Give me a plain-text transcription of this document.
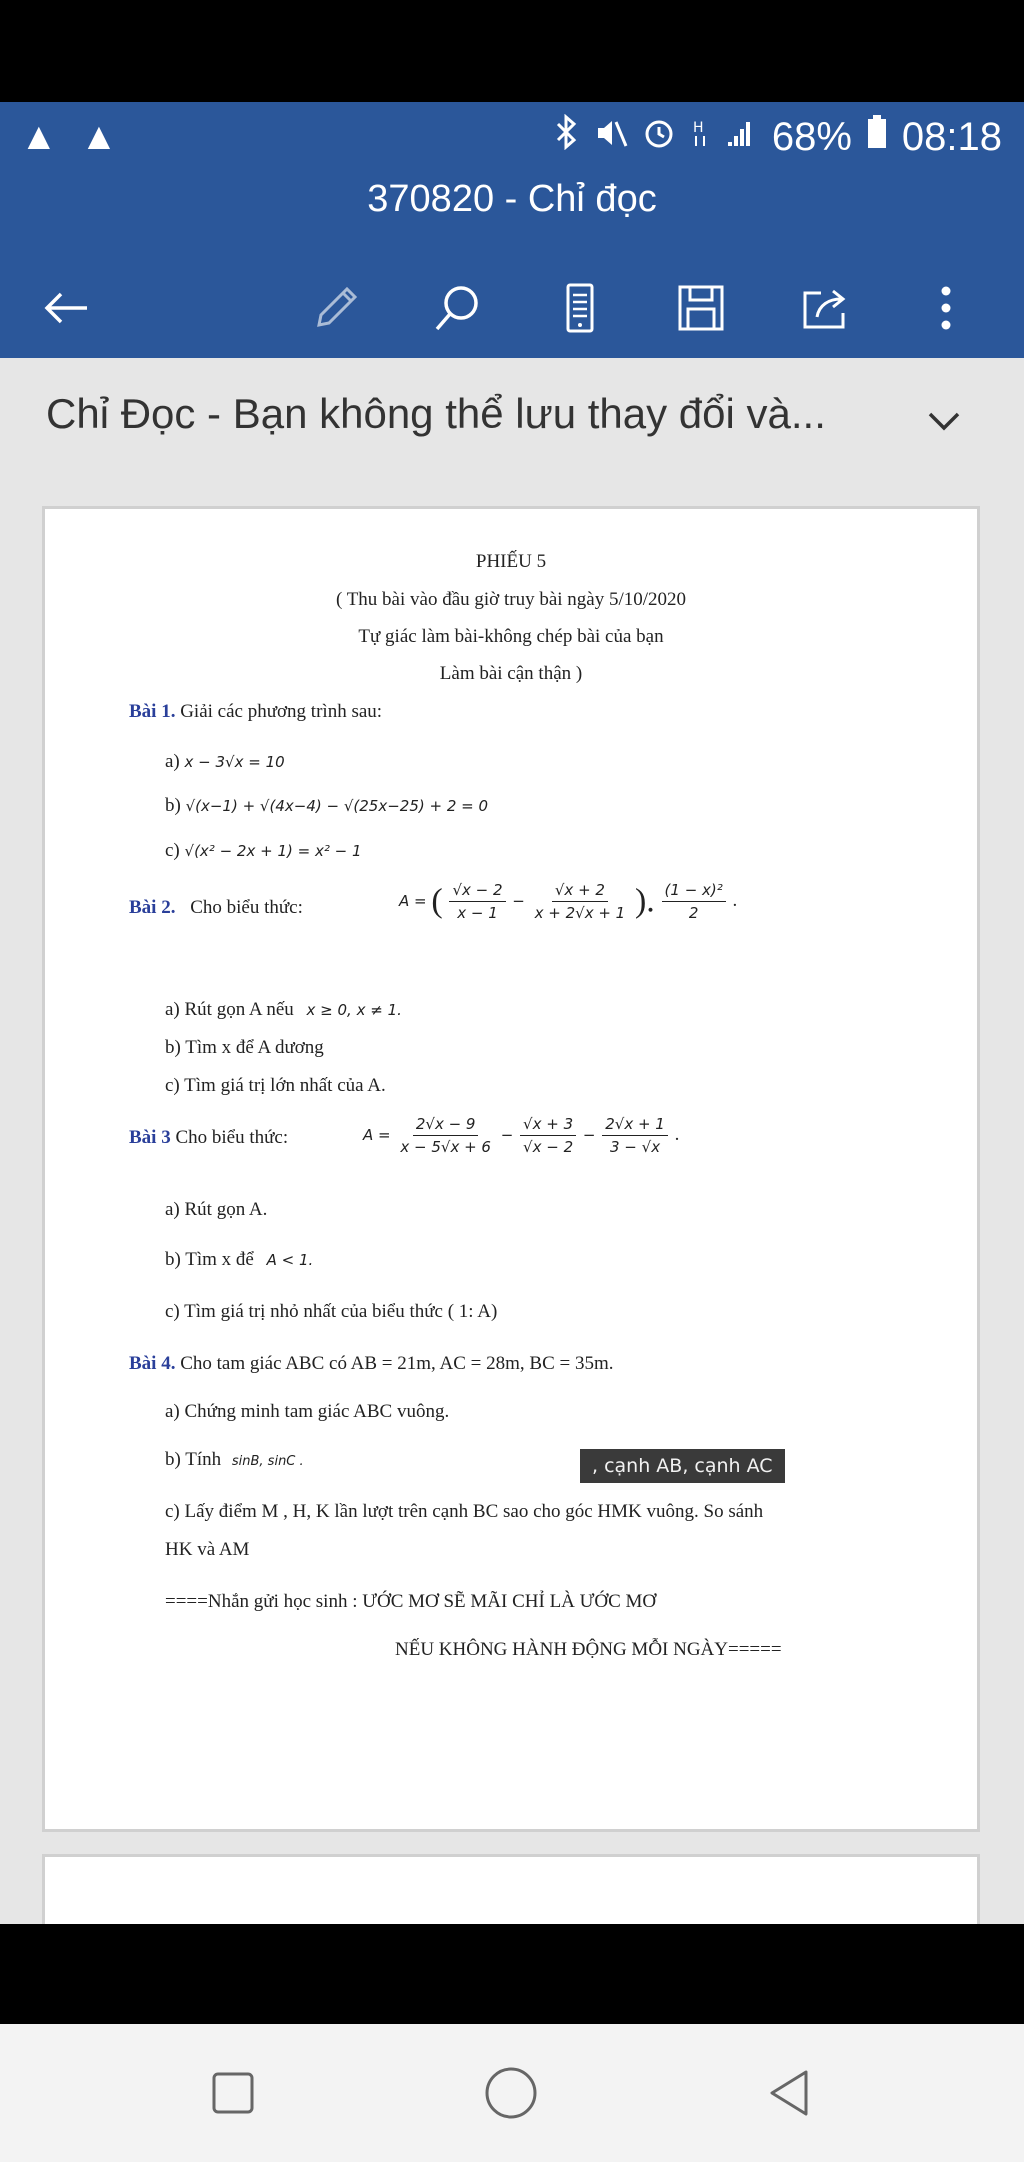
▲ ▲	H 68% 08:18
370820 - Chỉ đọc
Chỉ Đọc - Bạn không thể lưu thay đổi và...
PHIẾU 5
( Thu bài vào đầu giờ truy bài ngày 5/10/2020
Tự giác làm bài-không chép bài của bạn
Làm bài cận thận )
Bài 1. Giải các phương trình sau:
a) x − 3√x = 10
b) √(x−1) + √(4x−4) − √(25x−25) + 2 = 0
c) √(x² − 2x + 1) = x² − 1
Bài 2. Cho biểu thức:	A = ( $\frac{√x - 2}{x - 1} - \frac{√x + 2}{x + 2√x + 1}$ ). $\frac{\text{(1 − x)²}}{2}$ .
a) Rút gọn A nếu x ≥ 0, x ≠ 1.
b) Tìm x để A dương
c) Tìm giá trị lớn nhất của A.
Bài 3 Cho biểu thức:	$A = \frac{2√x - 9}{x - 5√x + 6} - \frac{√x + 3}{√x - 2} - \frac{2√x + 1}{3 - √x}$ .
a) Rút gọn A.
b) Tìm x để A < 1.
c) Tìm giá trị nhỏ nhất của biểu thức ( 1: A)
Bài 4. Cho tam giác ABC có AB = 21m, AC = 28m, BC = 35m.
a) Chứng minh tam giác ABC vuông.
b) Tính sinB, sinC .	, cạnh AB, cạnh AC
c) Lấy điểm M , H, K lần lượt trên cạnh BC sao cho góc HMK vuông. So sánh
HK và AM
====Nhắn gửi học sinh : ƯỚC MƠ SẼ MÃI CHỈ LÀ ƯỚC MƠ
NẾU KHÔNG HÀNH ĐỘNG MỖI NGÀY=====
